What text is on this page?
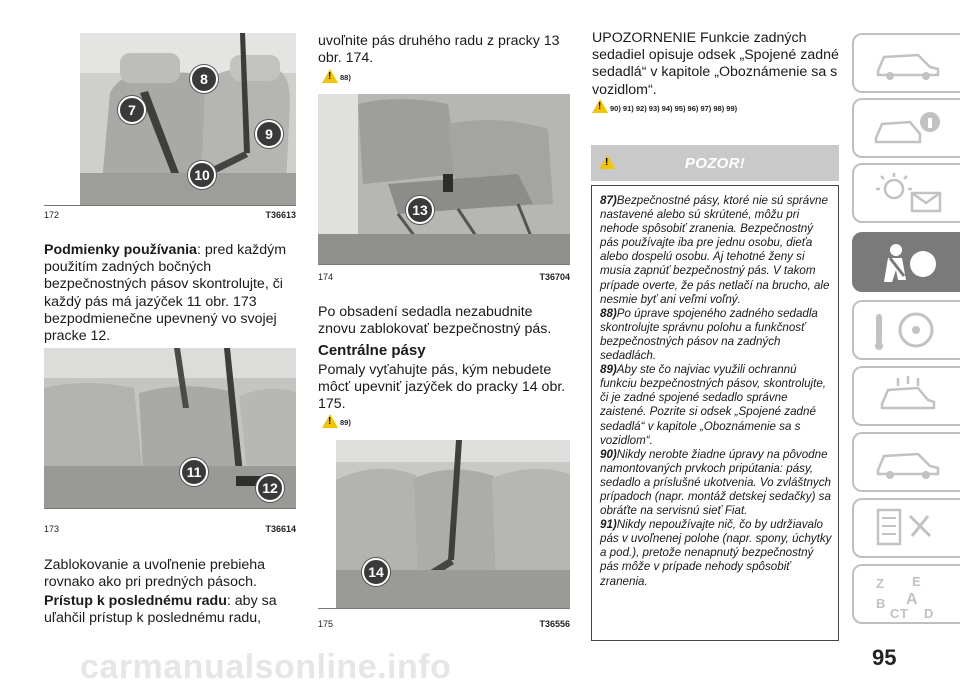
7
8
9
10
172	T36613
Podmienky používania: pred každým použitím zadných bočných bezpečnostných pásov skontrolujte, či každý pás má jazýček 11 obr. 173 bezpodmienečne upevnený vo svojej pracke 12.
11
12
173	T36614
Zablokovanie a uvoľnenie prebieha rovnako ako pri predných pásoch.
Prístup k poslednému radu: aby sa uľahčil prístup k poslednému radu,
uvoľnite pás druhého radu z pracky 13 obr. 174.
!
88)
13
174	T36704
Po obsadení sedadla nezabudnite znovu zablokovať bezpečnostný pás.
Centrálne pásy
Pomaly vyťahujte pás, kým nebudete môcť upevniť jazýček do pracky 14 obr. 175.
!
89)
14
175	T36556
UPOZORNENIE Funkcie zadných sedadiel opisuje odsek „Spojené zadné sedadlá“ v kapitole „Oboznámenie sa s vozidlom“.
!
90) 91) 92) 93) 94) 95) 96) 97) 98) 99)
!
POZOR!
87)Bezpečnostné pásy, ktoré nie sú správne nastavené alebo sú skrútené, môžu pri nehode spôsobiť zranenia. Bezpečnostný pás používajte iba pre jednu osobu, dieťa alebo dospelú osobu. Aj tehotné ženy si musia zapnúť bezpečnostný pás. V takom prípade overte, že pás netlačí na brucho, ale nesmie byť ani veľmi voľný.
88)Po úprave spojeného zadného sedadla skontrolujte správnu polohu a funkčnosť bezpečnostných pásov na zadných sedadlách.
89)Aby ste čo najviac využili ochrannú funkciu bezpečnostných pásov, skontrolujte, či je zadné spojené sedadlo správne zaistené. Pozrite si odsek „Spojené zadné sedadlá“ v kapitole „Oboznámenie sa s vozidlom“.
90)Nikdy nerobte žiadne úpravy na pôvodne namontovaných prvkoch pripútania: pásy, sedadlo a príslušné ukotvenia. Vo zvláštnych prípadoch (napr. montáž detskej sedačky) sa obráťte na servisnú sieť Fiat.
91)Nikdy nepoužívajte nič, čo by udržiavalo pás v uvoľnenej polohe (napr. spony, úchytky a pod.), pretože nenapnutý bezpečnostný pás môže v prípade nehody spôsobiť zranenia.	Z E
B A
C T D
95
carmanualsonline.info
